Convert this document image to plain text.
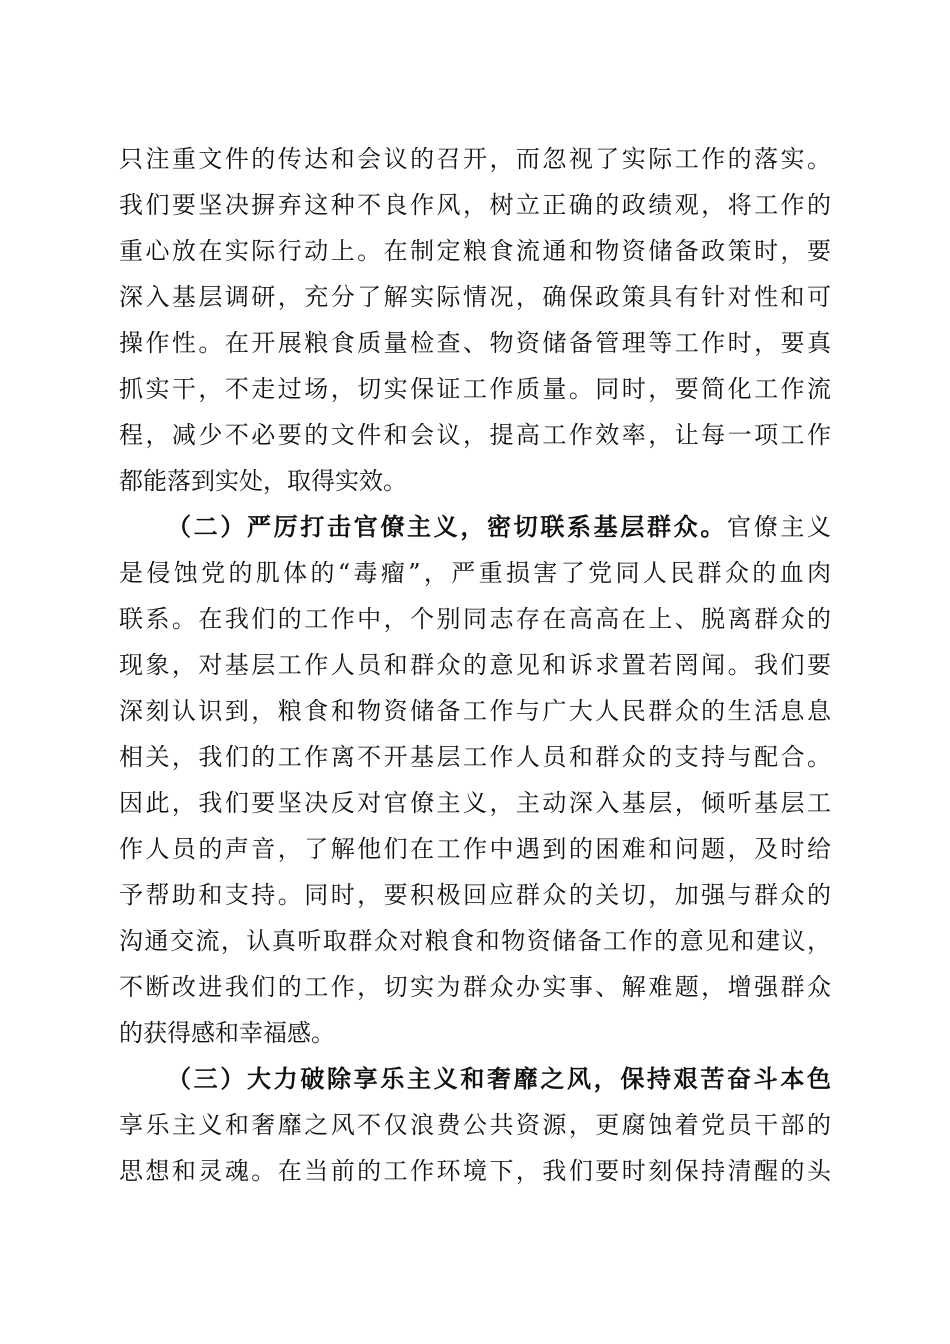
只注重文件的传达和会议的召开，而忽视了实际工作的落实。
我们要坚决摒弃这种不良作风，树立正确的政绩观，将工作的
重心放在实际行动上。在制定粮食流通和物资储备政策时，要
深入基层调研，充分了解实际情况，确保政策具有针对性和可
操作性。在开展粮食质量检查、物资储备管理等工作时，要真
抓实干，不走过场，切实保证工作质量。同时，要简化工作流
程，减少不必要的文件和会议，提高工作效率，让每一项工作
都能落到实处，取得实效。
（二）严厉打击官僚主义，密切联系基层群众。官僚主义
是侵蚀党的肌体的“毒瘤”，严重损害了党同人民群众的血肉
联系。在我们的工作中，个别同志存在高高在上、脱离群众的
现象，对基层工作人员和群众的意见和诉求置若罔闻。我们要
深刻认识到，粮食和物资储备工作与广大人民群众的生活息息
相关，我们的工作离不开基层工作人员和群众的支持与配合。
因此，我们要坚决反对官僚主义，主动深入基层，倾听基层工
作人员的声音，了解他们在工作中遇到的困难和问题，及时给
予帮助和支持。同时，要积极回应群众的关切，加强与群众的
沟通交流，认真听取群众对粮食和物资储备工作的意见和建议，
不断改进我们的工作，切实为群众办实事、解难题，增强群众
的获得感和幸福感。
（三）大力破除享乐主义和奢靡之风，保持艰苦奋斗本色
享乐主义和奢靡之风不仅浪费公共资源，更腐蚀着党员干部的
思想和灵魂。在当前的工作环境下，我们要时刻保持清醒的头
